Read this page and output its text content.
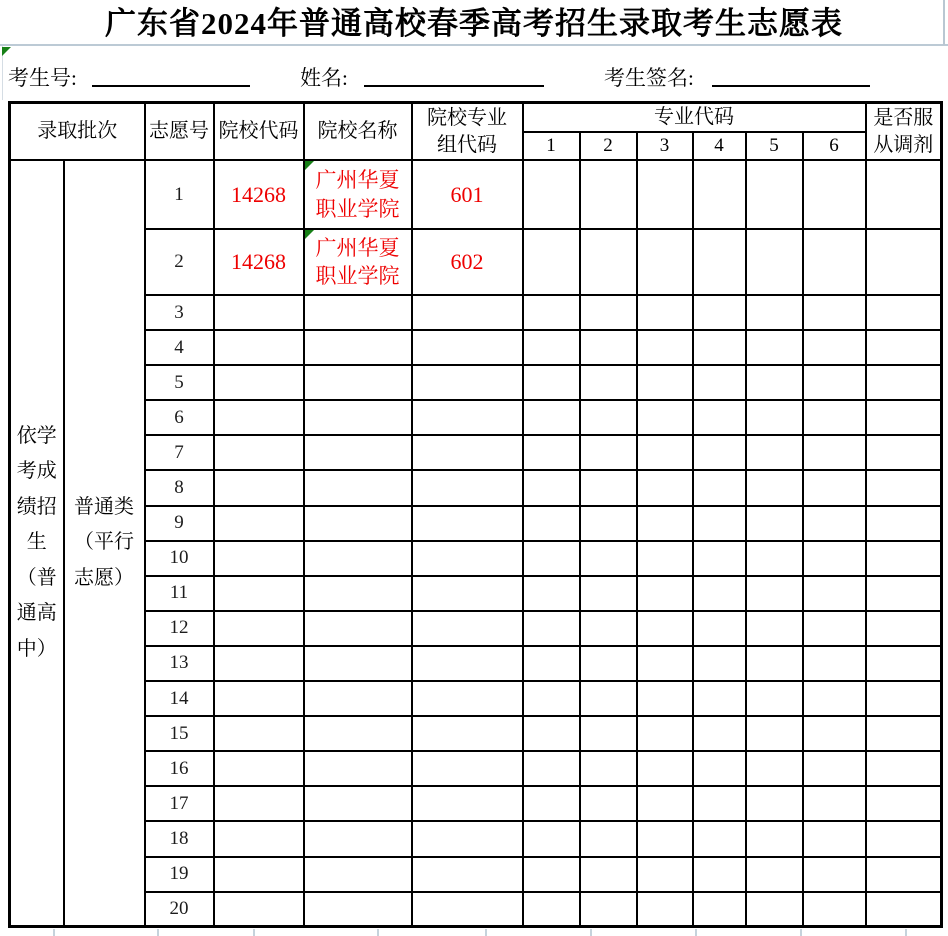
广东省2024年普通高校春季高考招生录取考生志愿表
考生号:	姓名:	考生签名:
录取批次		志愿号	院校代码	院校名称	院校专业组代码	专业代码						是否服从调剂
						1	2	3	4	5	6	
依学考成绩招生（普通高中）	普通类（平行志愿）	1	14268	广州华夏职业学院	601							
		2	14268	广州华夏职业学院	602							
		3										
		4										
		5										
		6										
		7										
		8										
		9										
		10										
		11										
		12										
		13										
		14										
		15										
		16										
		17										
		18										
		19										
		20										
